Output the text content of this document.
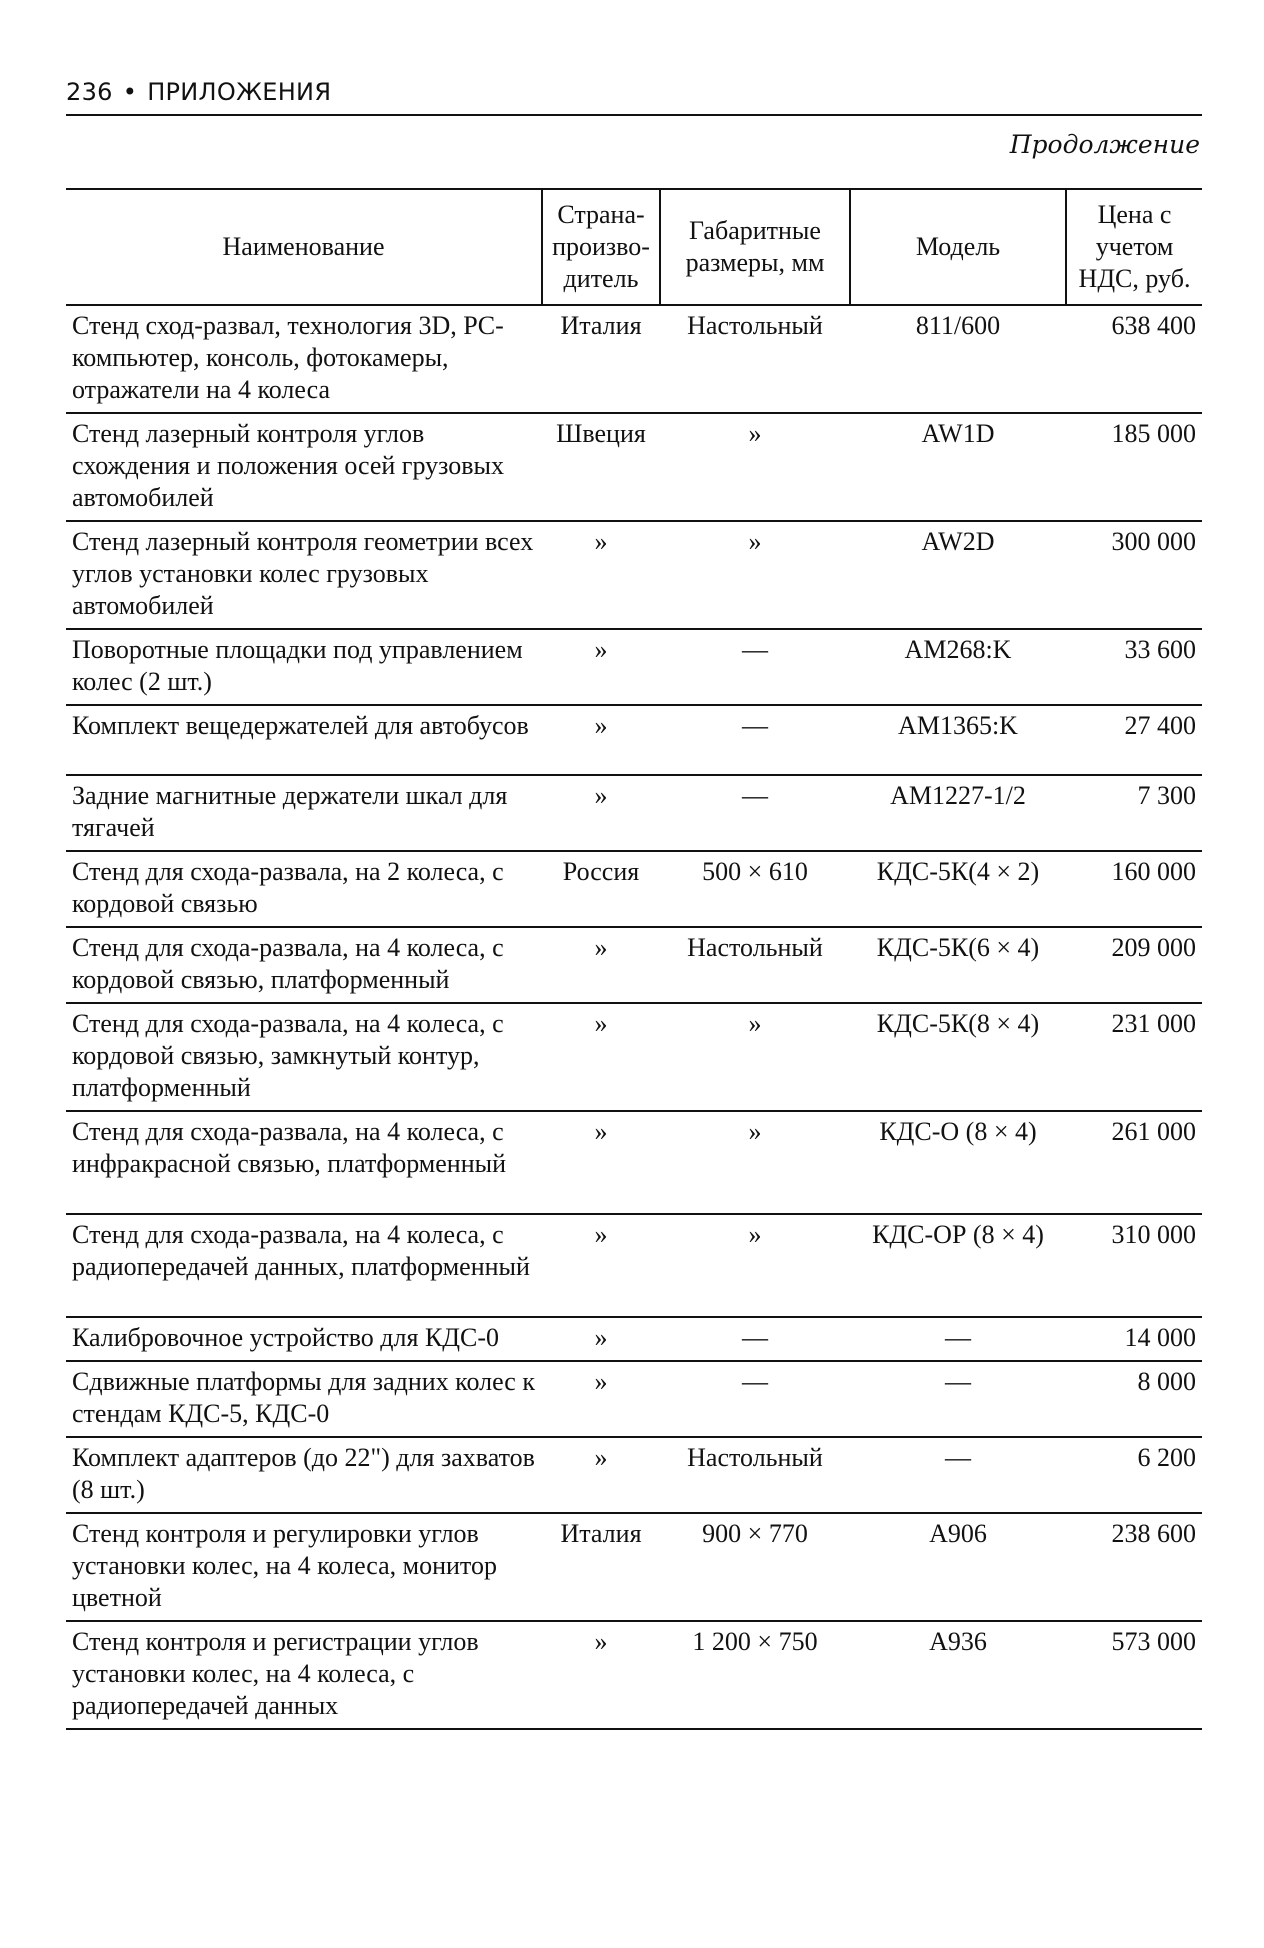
236 • ПРИЛОЖЕНИЯ
Продолжение
Наименование	Страна-произво-дитель	Габаритные размеры, мм	Модель	Цена с учетом НДС, руб.
Стенд сход-развал, технология 3D, PC-компьютер, консоль, фотокамеры, отражатели на 4 колеса	Италия	Настольный	811/600	638 400
Стенд лазерный контроля углов схождения и положения осей грузовых автомобилей	Швеция	»	AW1D	185 000
Стенд лазерный контроля геометрии всех углов установки колес грузовых автомобилей	»	»	AW2D	300 000
Поворотные площадки под управлением колес (2 шт.)	»	—	AM268:K	33 600
Комплект вещедержателей для автобусов	»	—	AM1365:K	27 400
Задние магнитные держатели шкал для тягачей	»	—	AM1227-1/2	7 300
Стенд для схода-развала, на 2 колеса, с кордовой связью	Россия	500 × 610	КДС-5К(4 × 2)	160 000
Стенд для схода-развала, на 4 колеса, с кордовой связью, платформенный	»	Настольный	КДС-5К(6 × 4)	209 000
Стенд для схода-развала, на 4 колеса, с кордовой связью, замкнутый контур, платформенный	»	»	КДС-5К(8 × 4)	231 000
Стенд для схода-развала, на 4 колеса, с инфракрасной связью, платформенный	»	»	КДС-О (8 × 4)	261 000
Стенд для схода-развала, на 4 колеса, с радиопередачей данных, платформенный	»	»	КДС-ОР (8 × 4)	310 000
Калибровочное устройство для КДС-0	»	—	—	14 000
Сдвижные платформы для задних колес к стендам КДС-5, КДС-0	»	—	—	8 000
Комплект адаптеров (до 22") для захватов (8 шт.)	»	Настольный	—	6 200
Стенд контроля и регулировки углов установки колес, на 4 колеса, монитор цветной	Италия	900 × 770	A906	238 600
Стенд контроля и регистрации углов установки колес, на 4 колеса, с радиопередачей данных	»	1 200 × 750	A936	573 000
